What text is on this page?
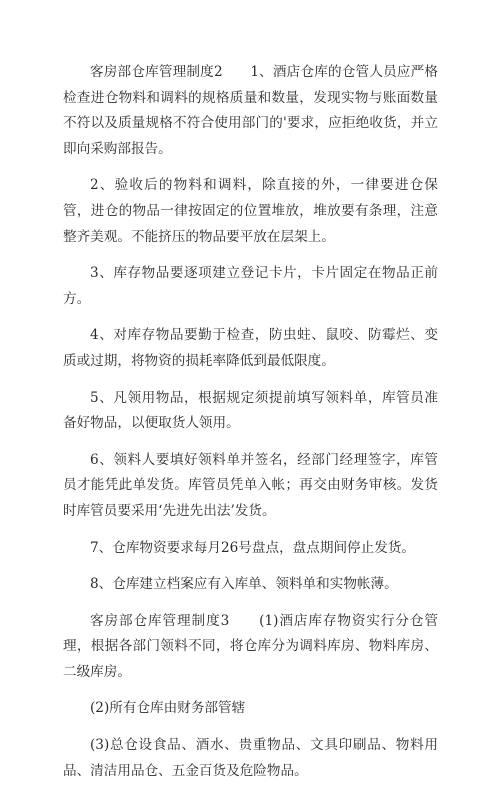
客房部仓库管理制度2　　1、酒店仓库的仓管人员应严格检查进仓物料和调料的规格质量和数量，发现实物与账面数量不符以及质量规格不符合使用部门的'要求，应拒绝收货，并立即向采购部报告。

2、验收后的物料和调料，除直接的外，一律要进仓保管，进仓的物品一律按固定的位置堆放，堆放要有条理，注意整齐美观。不能挤压的物品要平放在层架上。

3、库存物品要逐项建立登记卡片，卡片固定在物品正前方。

4、对库存物品要勤于检查，防虫蛀、鼠咬、防霉烂、变质或过期，将物资的损耗率降低到最低限度。

5、凡领用物品，根据规定须提前填写领料单，库管员准备好物品，以便取货人领用。

6、领料人要填好领料单并签名，经部门经理签字，库管员才能凭此单发货。库管员凭单入帐；再交由财务审核。发货时库管员要采用‘先进先出法’发货。

7、仓库物资要求每月26号盘点，盘点期间停止发货。

8、仓库建立档案应有入库单、领料单和实物帐薄。

客房部仓库管理制度3　　(1)酒店库存物资实行分仓管理，根据各部门领料不同，将仓库分为调料库房、物料库房、二级库房。

(2)所有仓库由财务部管辖

(3)总仓设食品、酒水、贵重物品、文具印刷品、物料用品、清洁用品仓、五金百货及危险物品。
